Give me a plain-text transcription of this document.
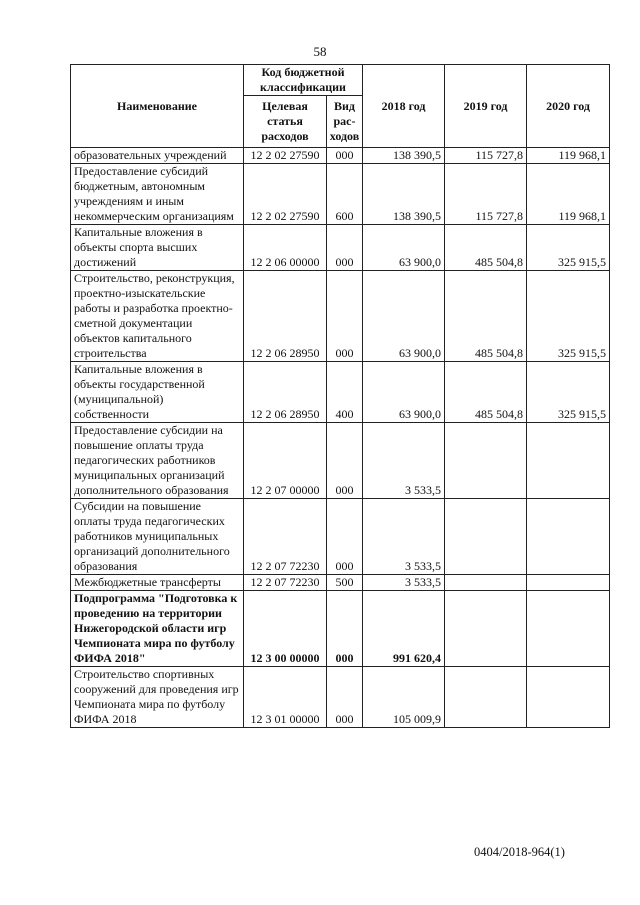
58
Наименование	Код бюджетной классификации		2018 год	2019 год	2020 год
	Целевая статья расходов	Вид рас- ходов			
образовательных учреждений	12 2 02 27590	000	138 390,5	115 727,8	119 968,1
Предоставление субсидий бюджетным, автономным учреждениям и иным некоммерческим организациям	12 2 02 27590	600	138 390,5	115 727,8	119 968,1
Капитальные вложения в объекты спорта высших достижений	12 2 06 00000	000	63 900,0	485 504,8	325 915,5
Строительство, реконструкция, проектно-изыскательские работы и разработка проектно-сметной документации объектов капитального строительства	12 2 06 28950	000	63 900,0	485 504,8	325 915,5
Капитальные вложения в объекты государственной (муниципальной) собственности	12 2 06 28950	400	63 900,0	485 504,8	325 915,5
Предоставление субсидии на повышение оплаты труда педагогических работников муниципальных организаций дополнительного образования	12 2 07 00000	000	3 533,5		
Субсидии на повышение оплаты труда педагогических работников муниципальных организаций дополнительного образования	12 2 07 72230	000	3 533,5		
Межбюджетные трансферты	12 2 07 72230	500	3 533,5		
Подпрограмма "Подготовка к проведению на территории Нижегородской области игр Чемпионата мира по футболу ФИФА 2018"	12 3 00 00000	000	991 620,4		
Строительство спортивных сооружений для проведения игр Чемпионата мира по футболу ФИФА 2018	12 3 01 00000	000	105 009,9		
0404/2018-964(1)
